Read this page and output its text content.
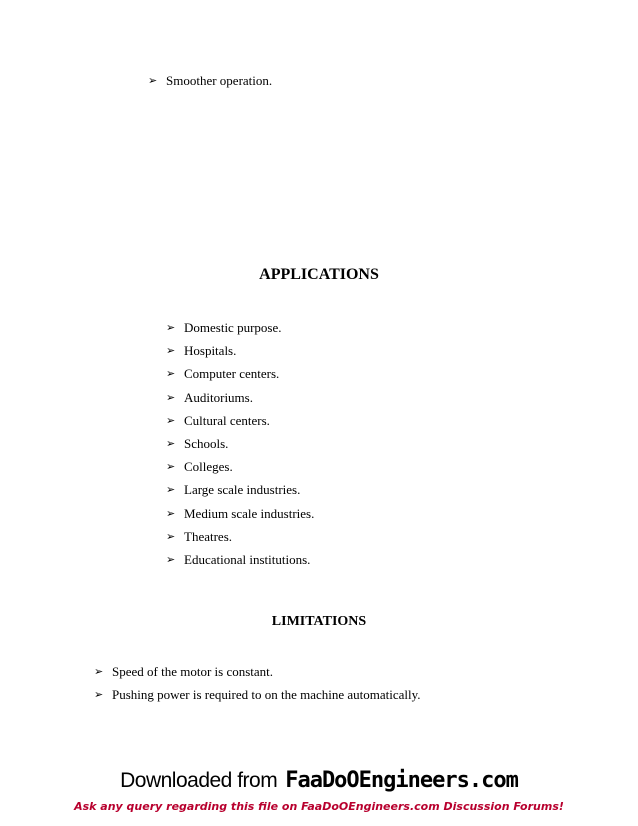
➢ Smoother operation.
APPLICATIONS
➢ Domestic purpose.
➢ Hospitals.
➢ Computer centers.
➢ Auditoriums.
➢ Cultural centers.
➢ Schools.
➢ Colleges.
➢ Large scale industries.
➢ Medium scale industries.
➢ Theatres.
➢ Educational institutions.
LIMITATIONS
➢ Speed of the motor is constant.
➢ Pushing power is required to on the machine automatically.
Downloaded from FaaDoOEngineers.com
Ask any query regarding this file on FaaDoOEngineers.com Discussion Forums!
